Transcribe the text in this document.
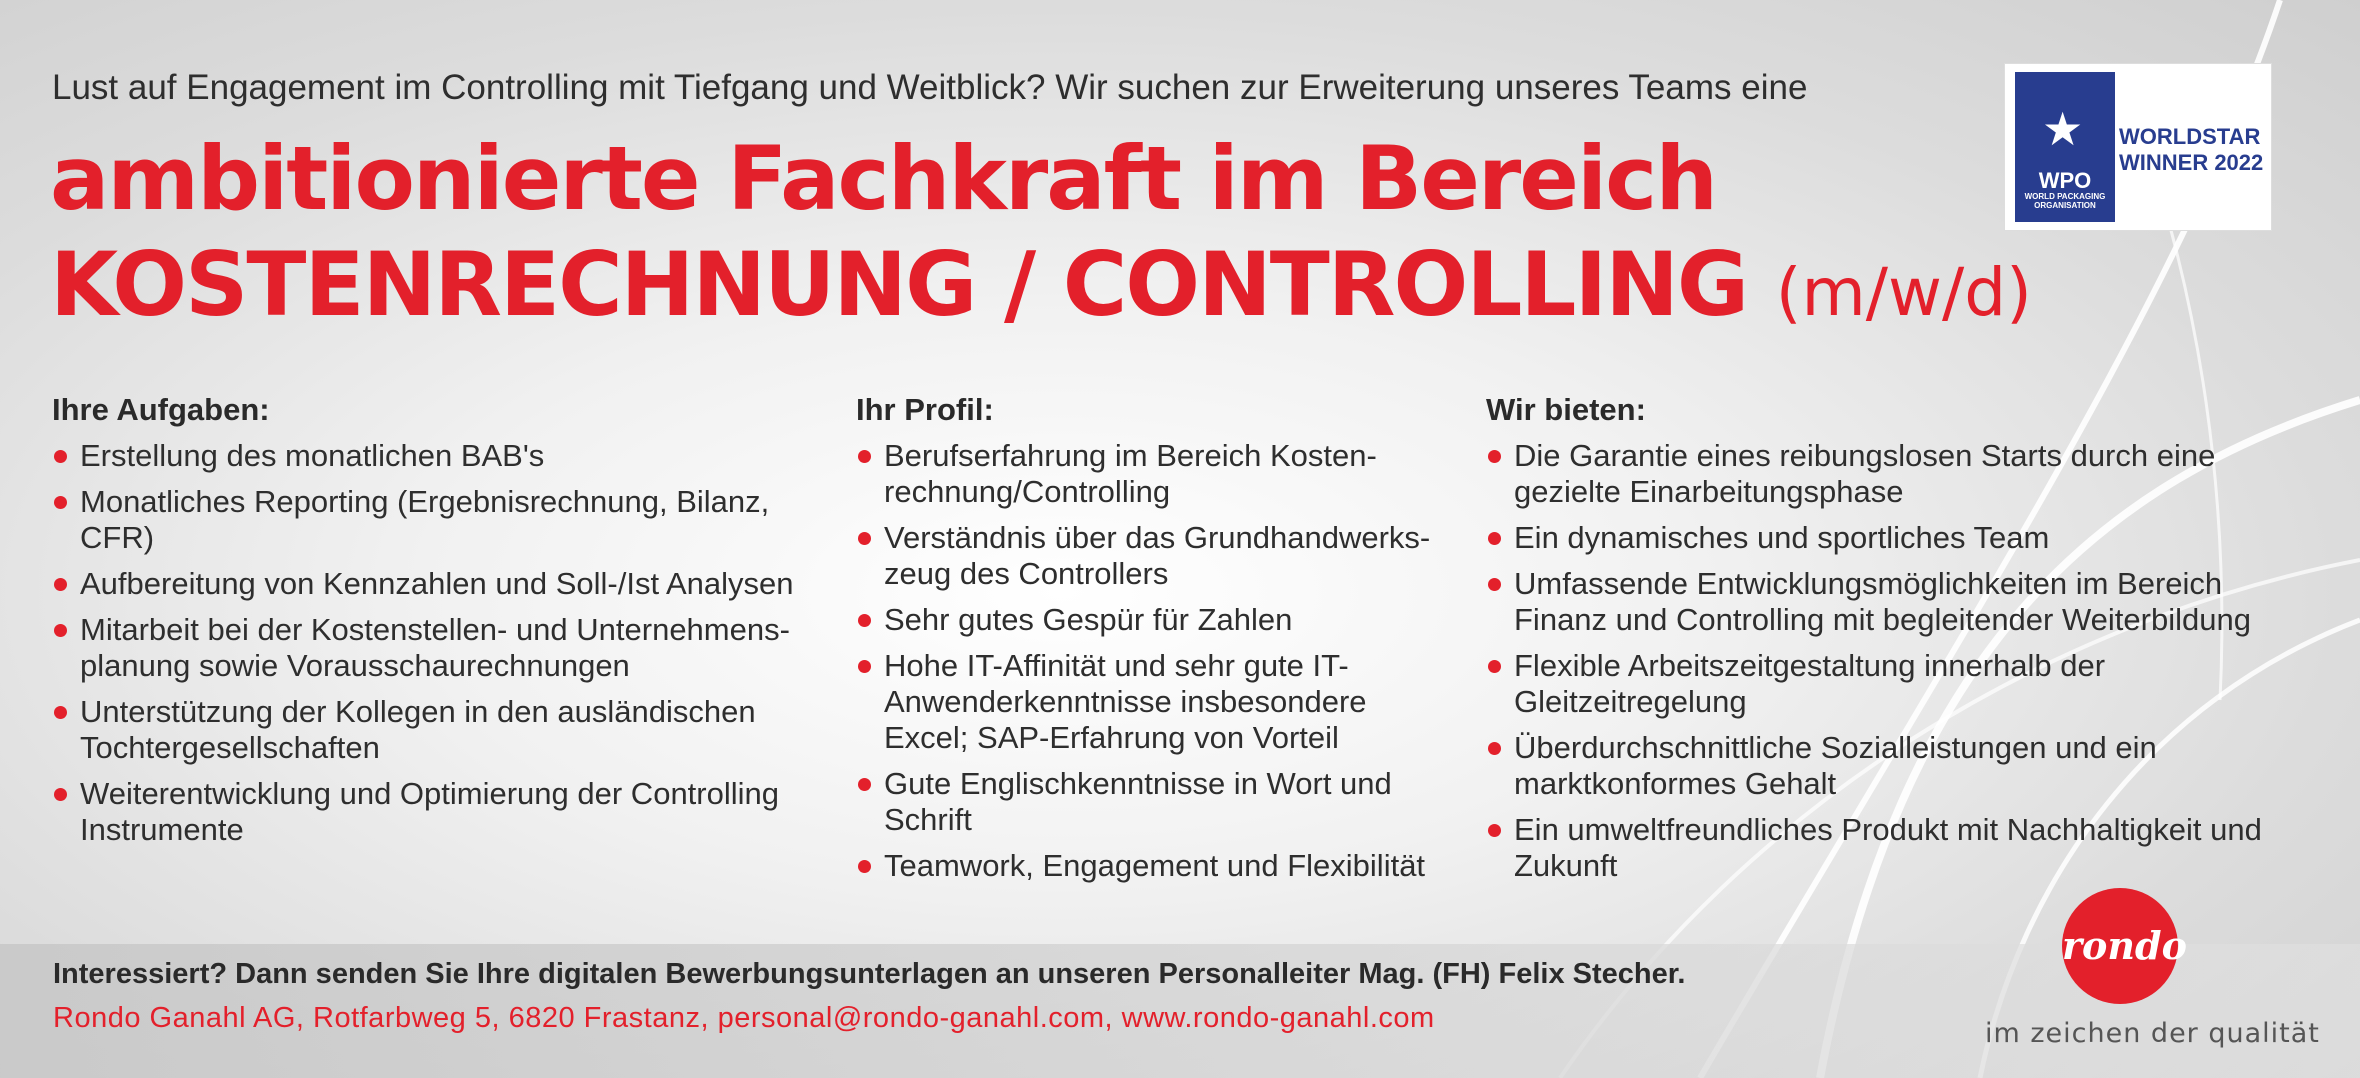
Lust auf Engagement im Controlling mit Tiefgang und Weitblick? Wir suchen zur Erweiterung unseres Teams eine
ambitionierte Fachkraft im Bereich
KOSTENRECHNUNG / CONTROLLING (m/w/d)
★
WPO
WORLD PACKAGING ORGANISATION
WORLDSTAR
WINNER 2022
Ihre Aufgaben:
Erstellung des monatlichen BAB's
Monatliches Reporting (Ergebnisrechnung, Bilanz, CFR)
Aufbereitung von Kennzahlen und Soll-/Ist Analysen
Mitarbeit bei der Kostenstellen- und Unternehmens-planung sowie Vorausschaurechnungen
Unterstützung der Kollegen in den ausländischen Tochtergesellschaften
Weiterentwicklung und Optimierung der Controlling Instrumente
Ihr Profil:
Berufserfahrung im Bereich Kosten-rechnung/Controlling
Verständnis über das Grundhandwerks-zeug des Controllers
Sehr gutes Gespür für Zahlen
Hohe IT-Affinität und sehr gute IT-Anwenderkenntnisse insbesondere Excel; SAP-Erfahrung von Vorteil
Gute Englischkenntnisse in Wort und Schrift
Teamwork, Engagement und Flexibilität
Wir bieten:
Die Garantie eines reibungslosen Starts durch eine gezielte Einarbeitungsphase
Ein dynamisches und sportliches Team
Umfassende Entwicklungsmöglichkeiten im Bereich Finanz und Controlling mit begleitender Weiterbildung
Flexible Arbeitszeitgestaltung innerhalb der Gleitzeitregelung
Überdurchschnittliche Sozialleistungen und ein marktkonformes Gehalt
Ein umweltfreundliches Produkt mit Nachhaltigkeit und Zukunft
Interessiert? Dann senden Sie Ihre digitalen Bewerbungsunterlagen an unseren Personalleiter Mag. (FH) Felix Stecher.
Rondo Ganahl AG, Rotfarbweg 5, 6820 Frastanz, personal@rondo-ganahl.com, www.rondo-ganahl.com
rondo
im zeichen der qualität
